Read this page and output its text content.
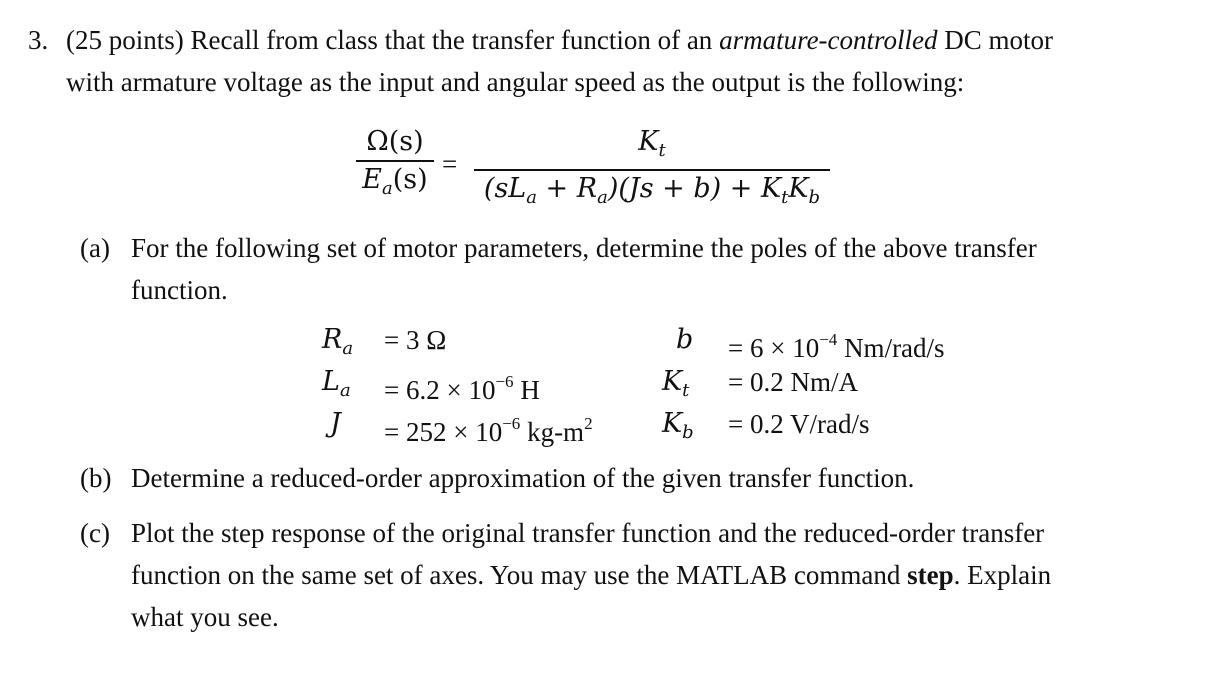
3. (25 points) Recall from class that the transfer function of an armature-controlled DC motor
with armature voltage as the input and angular speed as the output is the following:
Ω(s)
$E_a(s)$ =
$K_t$
$(sL_a + R_a)(Js + b) + K_tK_b$
(a) For the following set of motor parameters, determine the poles of the above transfer
function.
$R_a = 3$ Ω
$L_a = 6.2 \times 10^{-6}$ H
$J = 252 \times 10^{-6}$ $kg-m^2$
$b = 6 \times 10^{-4}$ Nm/rad/s
$K_t = 0.2$ Nm/A
$K_b = 0.2$ V/rad/s
(b) Determine a reduced-order approximation of the given transfer function.
(c) Plot the step response of the original transfer function and the reduced-order transfer
function on the same set of axes. You may use the MATLAB command step. Explain
what you see.
